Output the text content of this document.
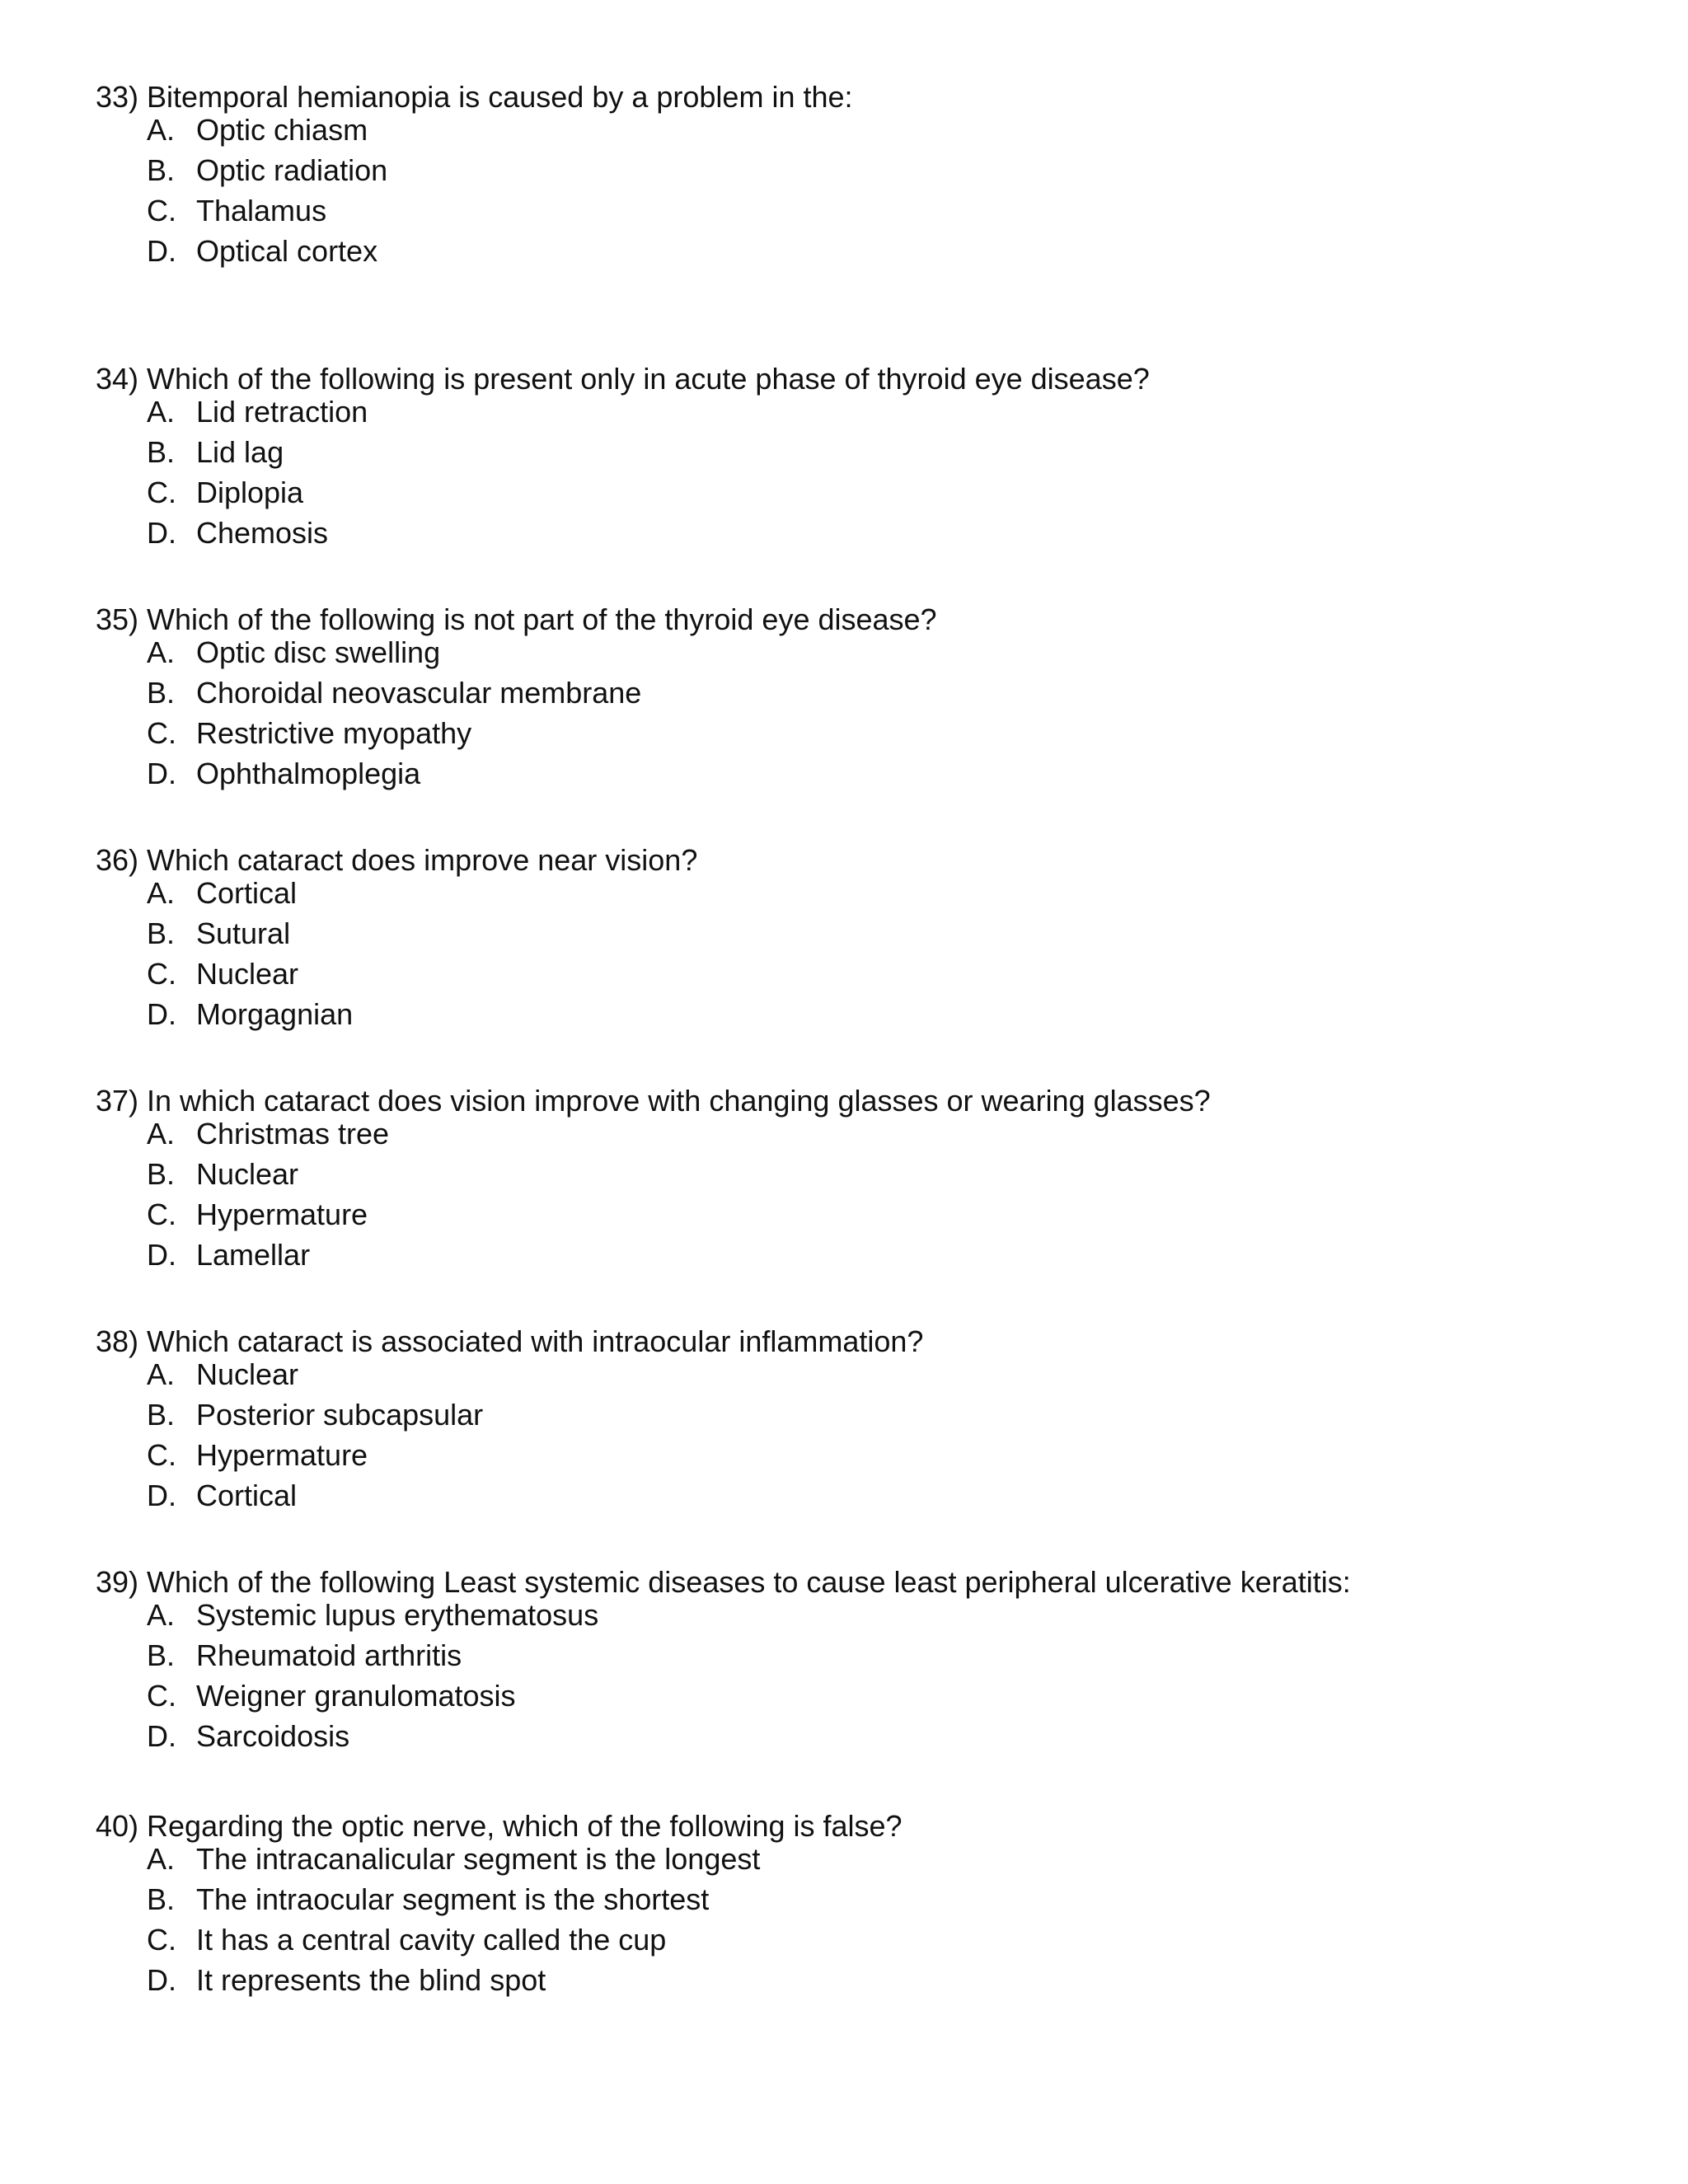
33) Bitemporal hemianopia is caused by a problem in the:

A. Optic chiasm
B. Optic radiation
C. Thalamus
D. Optical cortex

34) Which of the following is present only in acute phase of thyroid eye disease?

A. Lid retraction
B. Lid lag
C. Diplopia
D. Chemosis

35) Which of the following is not part of the thyroid eye disease?

A. Optic disc swelling
B. Choroidal neovascular membrane
C. Restrictive myopathy
D. Ophthalmoplegia

36) Which cataract does improve near vision?

A. Cortical
B. Sutural
C. Nuclear
D. Morgagnian

37) In which cataract does vision improve with changing glasses or wearing glasses?

A. Christmas tree
B. Nuclear
C. Hypermature
D. Lamellar

38) Which cataract is associated with intraocular inflammation?

A. Nuclear
B. Posterior subcapsular
C. Hypermature
D. Cortical

39) Which of the following Least systemic diseases to cause least peripheral ulcerative keratitis:

A. Systemic lupus erythematosus
B. Rheumatoid arthritis
C. Weigner granulomatosis
D. Sarcoidosis

40) Regarding the optic nerve, which of the following is false?

A. The intracanalicular segment is the longest
B. The intraocular segment is the shortest
C. It has a central cavity called the cup
D. It represents the blind spot
